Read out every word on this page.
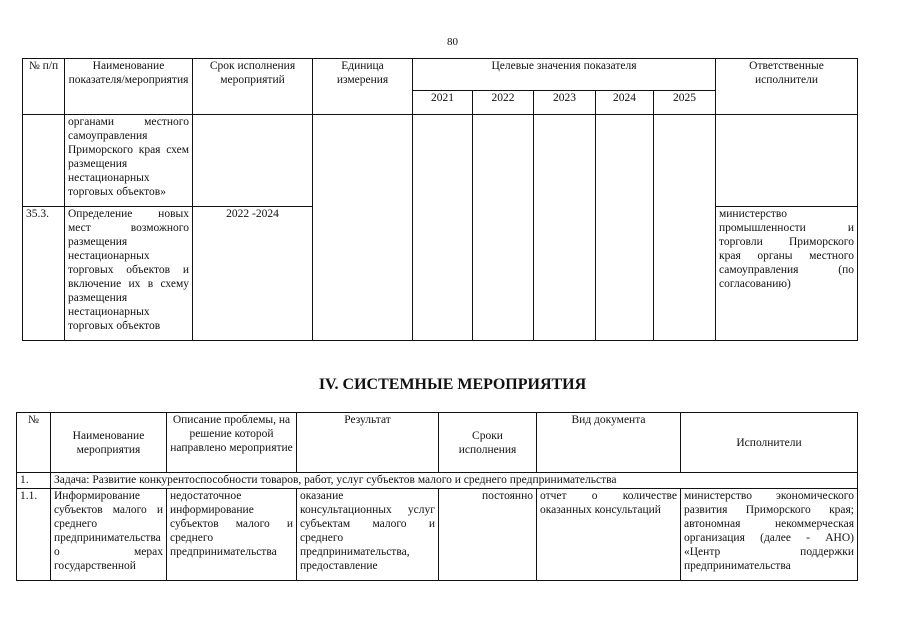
80
№ п/п	Наименование показателя/мероприятия	Срок исполнения мероприятий	Единица измерения	Целевые значения показателя					Ответственные исполнители
				2021	2022	2023	2024	2025	
	органами местного самоуправления Приморского края схем размещения нестационарных торговых объектов»								
35.3.	Определение новых мест возможного размещения нестационарных торговых объектов и включение их в схему размещения нестационарных торговых объектов	2022 -2024							министерство промышленности и торговли Приморского края органы местного самоуправления (по согласованию)
IV. СИСТЕМНЫЕ МЕРОПРИЯТИЯ
№	Наименование мероприятия	Описание проблемы, на решение которой направлено мероприятие	Результат	Сроки исполнения	Вид документа	Исполнители
1.	Задача: Развитие конкурентоспособности товаров, работ, услуг субъектов малого и среднего предпринимательства					
1.1.	Информирование субъектов малого и среднего предпринимательства о мерах государственной	недостаточное информирование субъектов малого и среднего предпринимательства	оказание консультационных услуг субъектам малого и среднего предпринимательства, предоставление	постоянно	отчет о количестве оказанных консультаций	министерство экономического развития Приморского края; автономная некоммерческая организация (далее - АНО) «Центр поддержки предпринимательства
